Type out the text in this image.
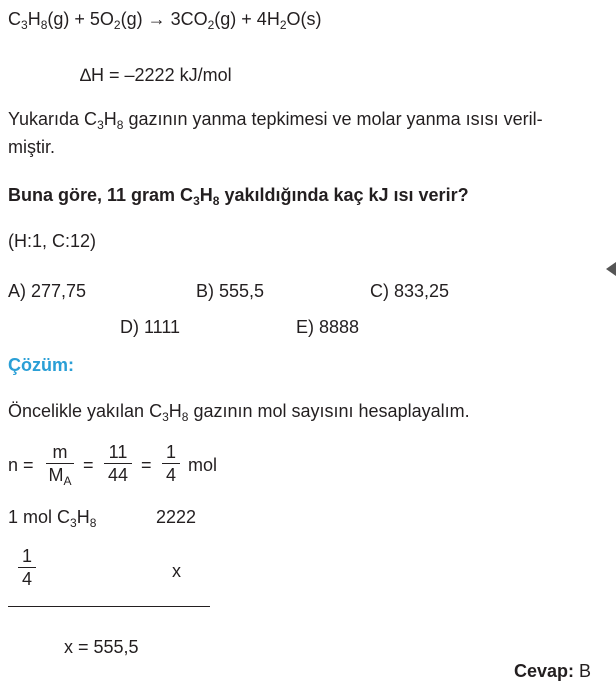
$C_3H_8(g) + 5O_2(g) \to 3CO_2(g) + 4H_2O(s)$
∆H = –2222 kJ/mol
Yukarıda $C_3H_8$ gazının yanma tepkimesi ve molar yanma ısısı veril-
miştir.
Buna göre, 11 gram $C_3H_8$ yakıldığında kaç kJ ısı verir?
(H:1, C:12)
A) 277,75	B) 555,5	C) 833,25
D) 1111	E) 8888
Çözüm:
Öncelikle yakılan $C_3H_8$ gazının mol sayısını hesaplayalım.
n =
m
$M_A$
=
11
44
=
1
4
mol
1 mol $C_3H_8$	2222
1
4	x
x = 555,5
Cevap: B
